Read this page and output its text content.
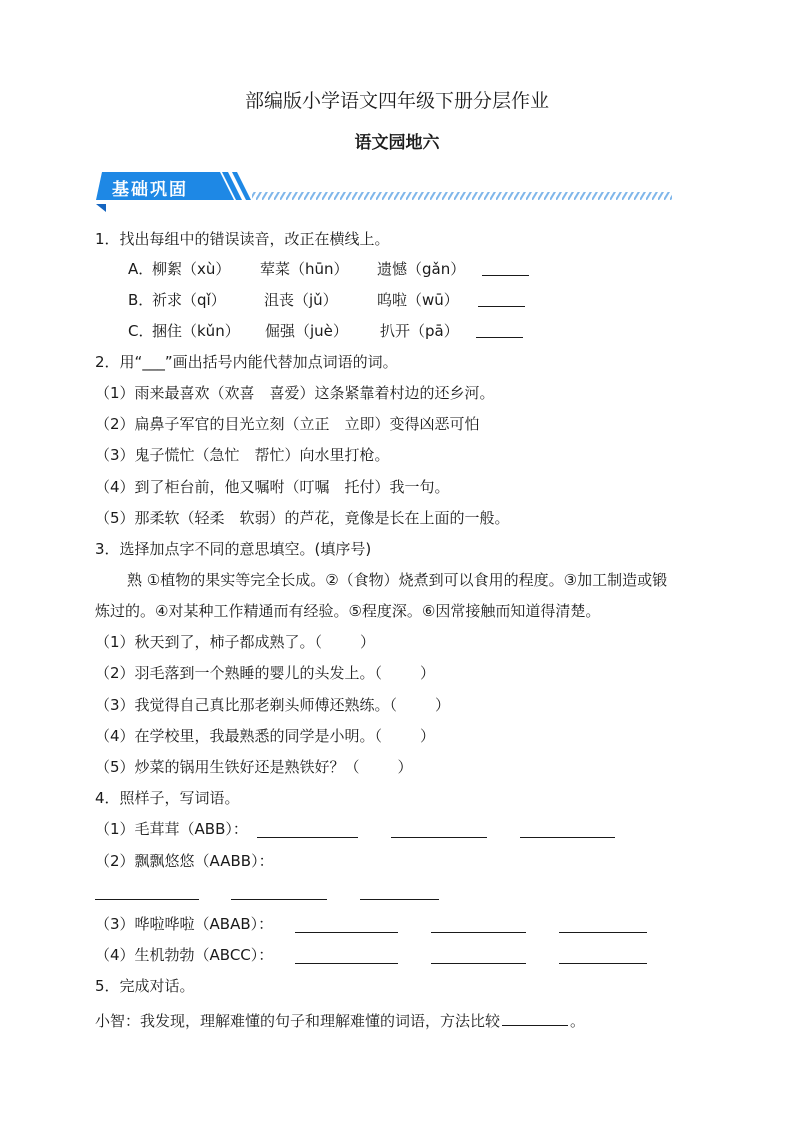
部编版小学语文四年级下册分层作业
语文园地六
基础巩固
1．找出每组中的错误读音，改正在横线上。
A．
柳絮（xù） 荤菜（hūn） 遗憾（gǎn）
B．
祈求（qǐ）	沮丧（jǔ）	呜啦（wū）
C．
捆住（kǔn） 倔强（juè） 扒开（pā）
2．用“___”画出括号内能代替加点词语的词。
（1）雨来最喜欢（欢喜　喜爱）这条紧靠着村边的还乡河。
（2）扁鼻子军官的目光立刻（立正　立即）变得凶恶可怕
（3）鬼子慌忙（急忙　帮忙）向水里打枪。
（4）到了柜台前，他又嘱咐（叮嘱　托付）我一句。
（5）那柔软（轻柔　软弱）的芦花，竟像是长在上面的一般。
3．选择加点字不同的意思填空。(填序号)
熟 ①植物的果实等完全长成。②（食物）烧煮到可以食用的程度。③加工制造或锻
炼过的。④对某种工作精通而有经验。⑤程度深。⑥因常接触而知道得清楚。
（1）秋天到了，柿子都成熟了。（	）
（2）羽毛落到一个熟睡的婴儿的头发上。（	）
（3）我觉得自己真比那老剃头师傅还熟练。（	）
（4）在学校里，我最熟悉的同学是小明。（	）
（5）炒菜的锅用生铁好还是熟铁好？（	）
4．照样子，写词语。
（1）毛茸茸（ABB）：
（2）飘飘悠悠（AABB）：
（3）哗啦哗啦（ABAB）：
（4）生机勃勃（ABCC）：
5．完成对话。
小智：我发现，理解难懂的句子和理解难懂的词语，方法比较	。
